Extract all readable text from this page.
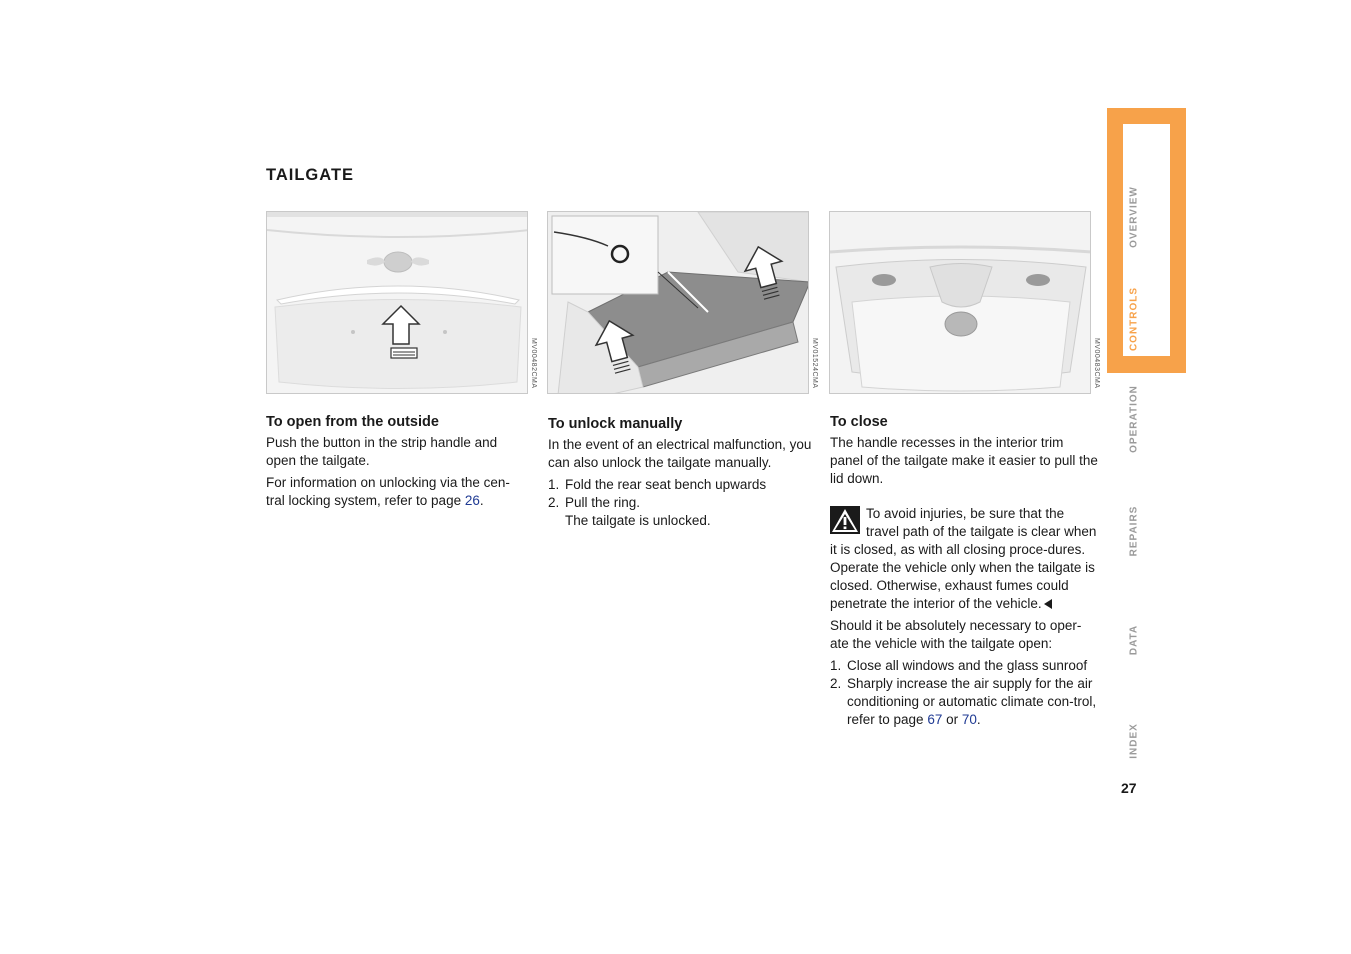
TAILGATE
MV00482CMA	MV01524CMA	MV00483CMA
To open from the outside

Push the button in the strip handle and open the tailgate.

For information on unlocking via the cen-tral locking system, refer to page 26.

To unlock manually

In the event of an electrical malfunction, you can also unlock the tailgate manually.

1. Fold the rear seat bench upwards
2. Pull the ring.
The tailgate is unlocked.
To close

The handle recesses in the interior trim panel of the tailgate make it easier to pull the lid down.

To avoid injuries, be sure that the travel path of the tailgate is clear when it is closed, as with all closing proce-dures.

Operate the vehicle only when the tailgate is closed. Otherwise, exhaust fumes could penetrate the interior of the vehicle.

Should it be absolutely necessary to oper-ate the vehicle with the tailgate open:

1. Close all windows and the glass sunroof
2. Sharply increase the air supply for the air conditioning or automatic climate con-trol, refer to page 67 or 70.
OVERVIEW
CONTROLS
OPERATION
REPAIRS
DATA
INDEX
27
